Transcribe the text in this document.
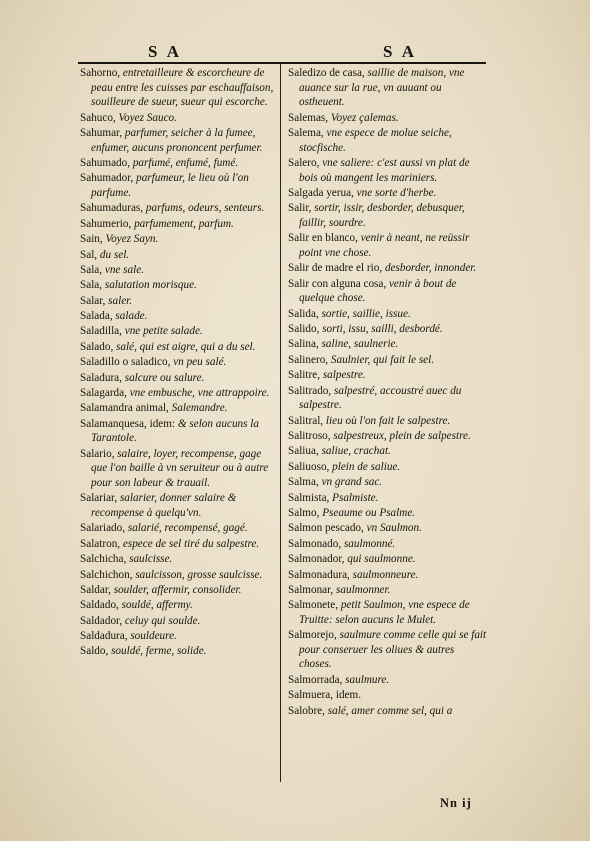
S A	S A
Sahorno, entretailleure & escorcheure de peau entre les cuisses par eschauffaison, souilleure de sueur, sueur qui escorche.
Sahuco, Voyez Sauco.
Sahumar, parfumer, seicher à la fumee, enfumer, aucuns prononcent perfumer.
Sahumado, parfumé, enfumé, fumé.
Sahumador, parfumeur, le lieu où l'on parfume.
Sahumaduras, parfums, odeurs, senteurs.
Sahumerio, parfumement, parfum.
Sain, Voyez Sayn.
Sal, du sel.
Sala, vne sale.
Sala, salutation morisque.
Salar, saler.
Salada, salade.
Saladilla, vne petite salade.
Salado, salé, qui est aigre, qui a du sel.
Saladillo o saladico, vn peu salé.
Saladura, salcure ou salure.
Salagarda, vne embusche, vne attrappoire.
Salamandra animal, Salemandre.
Salamanquesa, idem: & selon aucuns la Tarantole.
Salario, salaire, loyer, recompense, gage que l'on baille à vn seruiteur ou à autre pour son labeur & trauail.
Salariar, salarier, donner salaire & recompense à quelqu'vn.
Salariado, salarié, recompensé, gagé.
Salatron, espece de sel tiré du salpestre.
Salchicha, saulcisse.
Salchichon, saulcisson, grosse saulcisse.
Saldar, soulder, affermir, consolider.
Saldado, souldé, affermy.
Saldador, celuy qui soulde.
Saldadura, souldeure.
Saldo, souldé, ferme, solide.
Saledizo de casa, saillie de maison, vne auance sur la rue, vn auuant ou ostheuent.
Salemas, Voyez çalemas.
Salema, vne espece de molue seiche, stocfische.
Salero, vne saliere: c'est aussi vn plat de bois où mangent les mariniers.
Salgada yerua, vne sorte d'herbe.
Salir, sortir, issir, desborder, debusquer, faillir, sourdre.
Salir en blanco, venir à neant, ne reüssir point vne chose.
Salir de madre el rio, desborder, innonder.
Salir con alguna cosa, venir à bout de quelque chose.
Salida, sortie, saillie, issue.
Salido, sorti, issu, sailli, desbordé.
Salina, saline, saulnerie.
Salinero, Saulnier, qui fait le sel.
Salitre, salpestre.
Salitrado, salpestré, accoustré auec du salpestre.
Salitral, lieu où l'on fait le salpestre.
Salitroso, salpestreux, plein de salpestre.
Saliua, saliue, crachat.
Saliuoso, plein de saliue.
Salma, vn grand sac.
Salmista, Psalmiste.
Salmo, Pseaume ou Psalme.
Salmon pescado, vn Saulmon.
Salmonado, saulmonné.
Salmonador, qui saulmonne.
Salmonadura, saulmonneure.
Salmonar, saulmonner.
Salmonete, petit Saulmon, vne espece de Truitte: selon aucuns le Mulet.
Salmorejo, saulmure comme celle qui se fait pour conseruer les oliues & autres choses.
Salmorrada, saulmure.
Salmuera, idem.
Salobre, salé, amer comme sel, qui a
Nn ij
